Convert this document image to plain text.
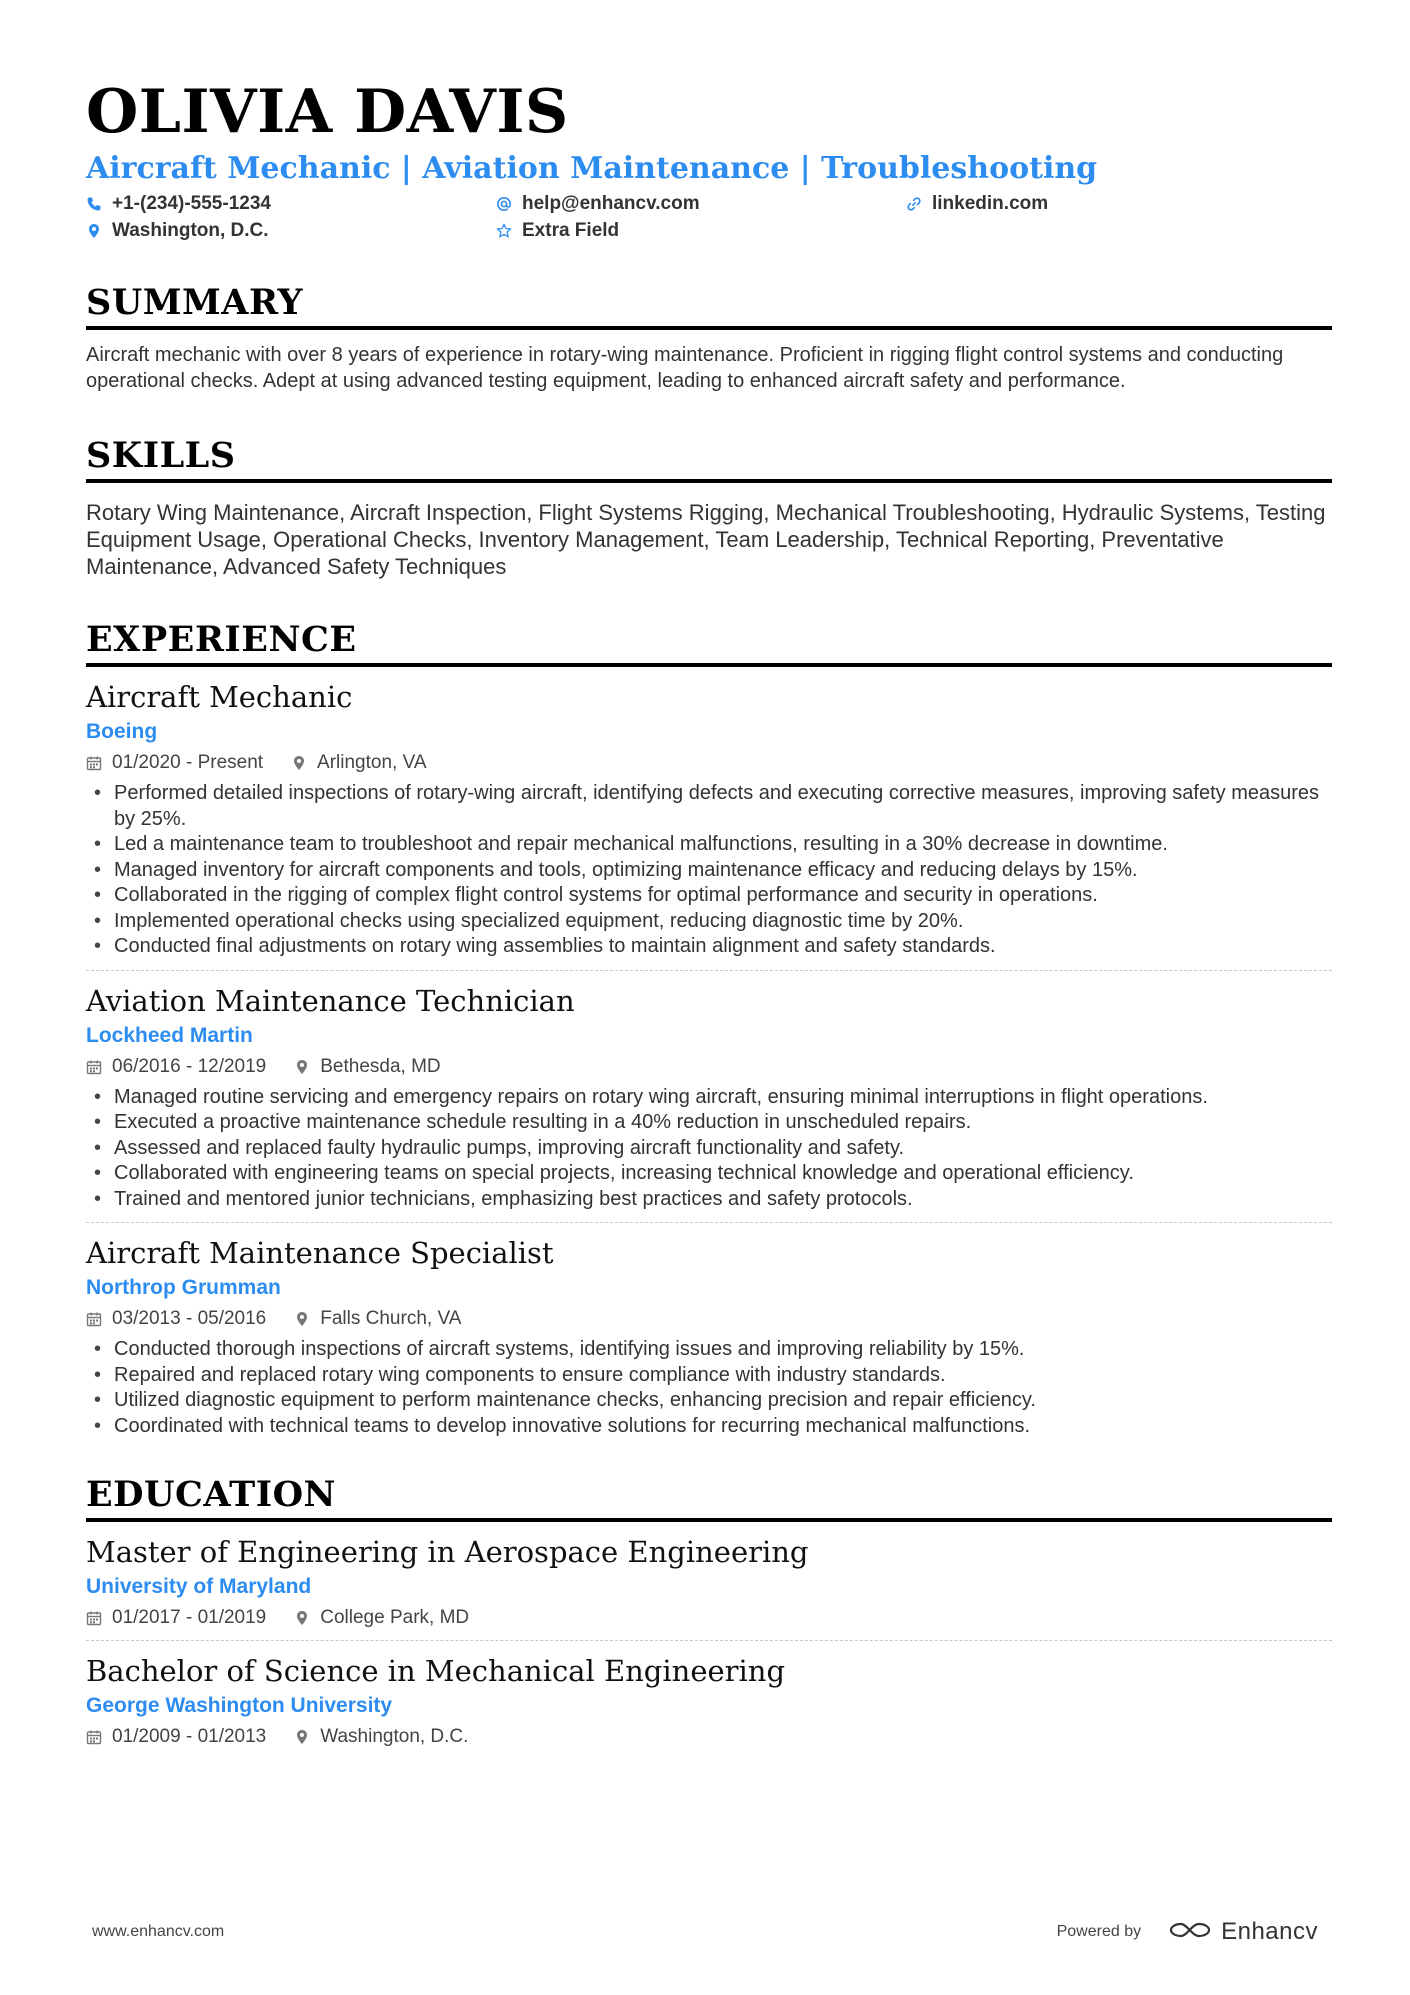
OLIVIA DAVIS
Aircraft Mechanic | Aviation Maintenance | Troubleshooting
+1-(234)-555-1234	help@enhancv.com	linkedin.com
Washington, D.C.	Extra Field
SUMMARY
Aircraft mechanic with over 8 years of experience in rotary-wing maintenance. Proficient in rigging flight control systems and conducting operational checks. Adept at using advanced testing equipment, leading to enhanced aircraft safety and performance.
SKILLS
Rotary Wing Maintenance, Aircraft Inspection, Flight Systems Rigging, Mechanical Troubleshooting, Hydraulic Systems, Testing Equipment Usage, Operational Checks, Inventory Management, Team Leadership, Technical Reporting, Preventative Maintenance, Advanced Safety Techniques
EXPERIENCE
Aircraft Mechanic
Boeing
01/2020 - Present	Arlington, VA
• Performed detailed inspections of rotary-wing aircraft, identifying defects and executing corrective measures, improving safety measures by 25%.
• Led a maintenance team to troubleshoot and repair mechanical malfunctions, resulting in a 30% decrease in downtime.
• Managed inventory for aircraft components and tools, optimizing maintenance efficacy and reducing delays by 15%.
• Collaborated in the rigging of complex flight control systems for optimal performance and security in operations.
• Implemented operational checks using specialized equipment, reducing diagnostic time by 20%.
• Conducted final adjustments on rotary wing assemblies to maintain alignment and safety standards.
Aviation Maintenance Technician
Lockheed Martin
06/2016 - 12/2019	Bethesda, MD
• Managed routine servicing and emergency repairs on rotary wing aircraft, ensuring minimal interruptions in flight operations.
• Executed a proactive maintenance schedule resulting in a 40% reduction in unscheduled repairs.
• Assessed and replaced faulty hydraulic pumps, improving aircraft functionality and safety.
• Collaborated with engineering teams on special projects, increasing technical knowledge and operational efficiency.
• Trained and mentored junior technicians, emphasizing best practices and safety protocols.
Aircraft Maintenance Specialist
Northrop Grumman
03/2013 - 05/2016	Falls Church, VA
• Conducted thorough inspections of aircraft systems, identifying issues and improving reliability by 15%.
• Repaired and replaced rotary wing components to ensure compliance with industry standards.
• Utilized diagnostic equipment to perform maintenance checks, enhancing precision and repair efficiency.
• Coordinated with technical teams to develop innovative solutions for recurring mechanical malfunctions.
EDUCATION
Master of Engineering in Aerospace Engineering
University of Maryland
01/2017 - 01/2019	College Park, MD
Bachelor of Science in Mechanical Engineering
George Washington University
01/2009 - 01/2013	Washington, D.C.
www.enhancv.com	Powered by	Enhancv
